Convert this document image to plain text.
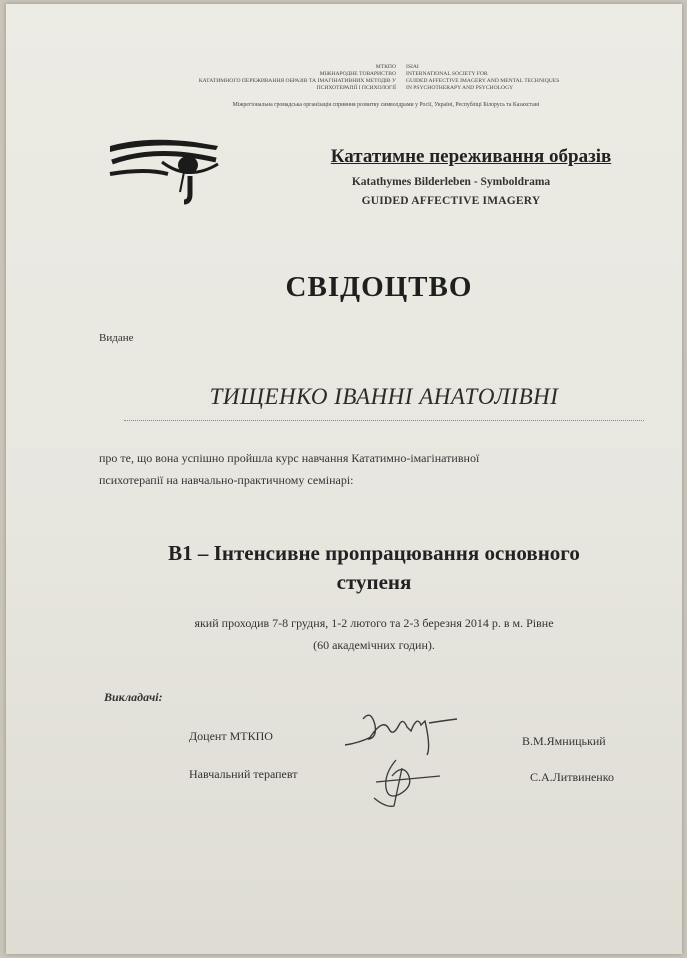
МТКПО
МІЖНАРОДНЕ ТОВАРИСТВО
КАТАТИМНОГО ПЕРЕЖИВАННЯ ОБРАЗІВ ТА ІМАГІНАТИВНИХ МЕТОДІВ У
ПСИХОТЕРАПІЇ І ПСИХОЛОГІЇ
ISIAI
INTERNATIONAL SOCIETY FOR
GUIDED AFFECTIVE IMAGERY AND MENTAL TECHNIQUES
IN PSYCHOTHERAPY AND PSYCHOLOGY
Міжрегіональна громадська організація сприяння розвитку символдрами у Росії, Україні, Республіці Білорусь та Казахстані
Кататимне переживання образів
Katathymes Bilderleben - Symboldrama
GUIDED AFFECTIVE IMAGERY
СВІДОЦТВО
Видане
ТИЩЕНКО ІВАННІ АНАТОЛІВНІ
про те, що вона успішно пройшла курс навчання Кататимно-імагінативної
психотерапії на навчально-практичному семінарі:
В1 – Інтенсивне пропрацювання основного
ступеня
який проходив 7-8 грудня, 1-2 лютого та 2-3 березня 2014 р. в м. Рівне
(60 академічних годин).
Викладачі:
Доцент МТКПО
Навчальний терапевт
В.М.Ямницький
С.А.Литвиненко
